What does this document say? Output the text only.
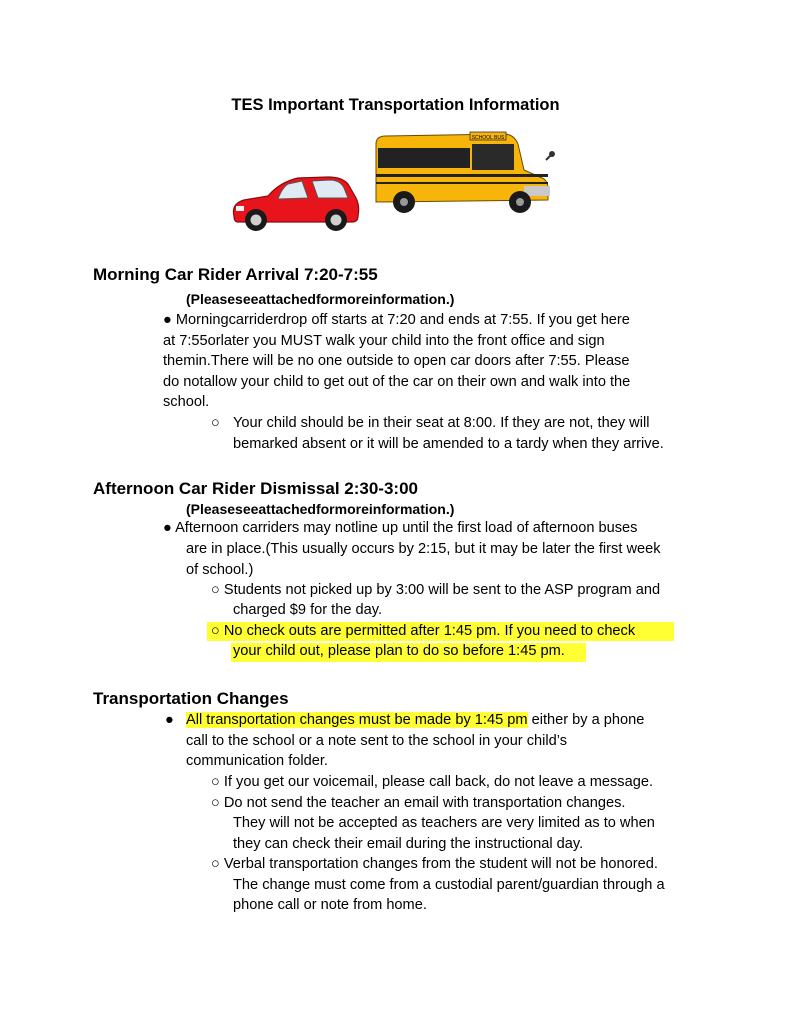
TES Important Transportation Information
SCHOOL BUS
Morning Car Rider Arrival 7:20-7:55
(Pleaseseeattachedformoreinformation.)
● Morningcarriderdrop off starts at 7:20 and ends at 7:55. If you get here
at 7:55orlater you MUST walk your child into the front office and sign
themin.There will be no one outside to open car doors after 7:55. Please
do notallow your child to get out of the car on their own and walk into the
school.
○ Your child should be in their seat at 8:00. If they are not, they will
bemarked absent or it will be amended to a tardy when they arrive.
Afternoon Car Rider Dismissal 2:30-3:00
(Pleaseseeattachedformoreinformation.)
● Afternoon carriders may notline up until the first load of afternoon buses
are in place.(This usually occurs by 2:15, but it may be later the first week
of school.)
○ Students not picked up by 3:00 will be sent to the ASP program and
charged $9 for the day.
○ No check outs are permitted after 1:45 pm. If you need to check
your child out, please plan to do so before 1:45 pm.
Transportation Changes
● All transportation changes must be made by 1:45 pm either by a phone
call to the school or a note sent to the school in your child’s
communication folder.
○ If you get our voicemail, please call back, do not leave a message.
○ Do not send the teacher an email with transportation changes.
They will not be accepted as teachers are very limited as to when
they can check their email during the instructional day.
○ Verbal transportation changes from the student will not be honored.
The change must come from a custodial parent/guardian through a
phone call or note from home.
